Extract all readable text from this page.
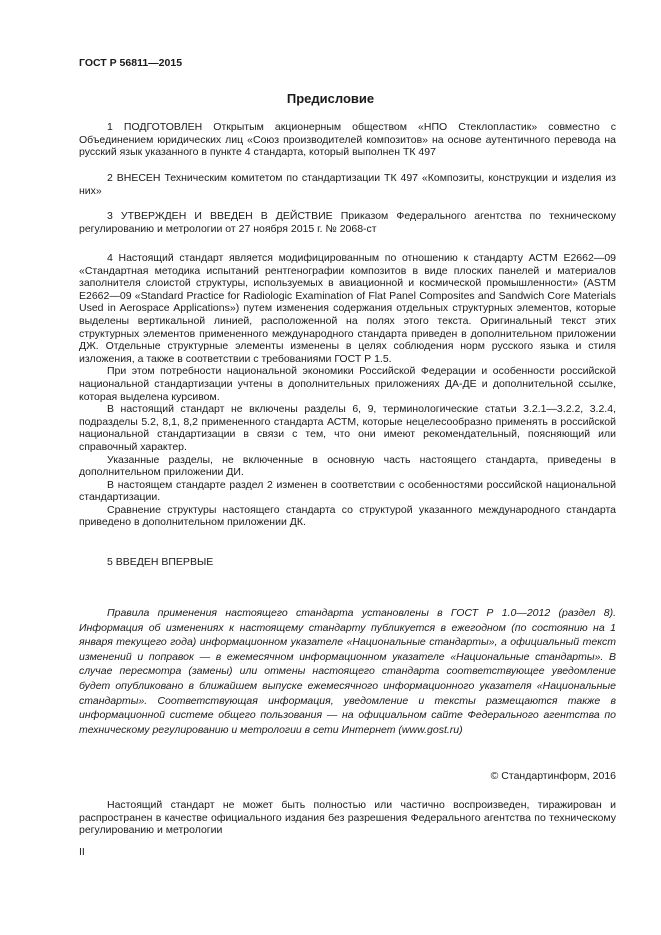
ГОСТ Р 56811—2015
Предисловие

1 ПОДГОТОВЛЕН Открытым акционерным обществом «НПО Стеклопластик» совместно с Объединением юридических лиц «Союз производителей композитов» на основе аутентичного перевода на русский язык указанного в пункте 4 стандарта, который выполнен ТК 497

2 ВНЕСЕН Техническим комитетом по стандартизации ТК 497 «Композиты, конструкции и изделия из них»

3 УТВЕРЖДЕН И ВВЕДЕН В ДЕЙСТВИЕ Приказом Федерального агентства по техническому регулированию и метрологии от 27 ноября 2015 г. № 2068-ст

4 Настоящий стандарт является модифицированным по отношению к стандарту АСТМ Е2662—09 «Стандартная методика испытаний рентгенографии композитов в виде плоских панелей и материалов заполнителя слоистой структуры, используемых в авиационной и космической промышленности» (ASTM E2662—09 «Standard Practice for Radiologic Examination of Flat Panel Composites and Sandwich Core Materials Used in Aerospace Applications») путем изменения содержания отдельных структурных элементов, которые выделены вертикальной линией, расположенной на полях этого текста. Оригинальный текст этих структурных элементов примененного международного стандарта приведен в дополнительном приложении ДЖ. Отдельные структурные элементы изменены в целях соблюдения норм русского языка и стиля изложения, а также в соответствии с требованиями ГОСТ Р 1.5.

При этом потребности национальной экономики Российской Федерации и особенности российской национальной стандартизации учтены в дополнительных приложениях ДА-ДЕ и дополнительной ссылке, которая выделена курсивом.

В настоящий стандарт не включены разделы 6, 9, терминологические статьи 3.2.1—3.2.2, 3.2.4, подразделы 5.2, 8,1, 8,2 примененного стандарта АСТМ, которые нецелесообразно применять в российской национальной стандартизации в связи с тем, что они имеют рекомендательный, поясняющий или справочный характер.

Указанные разделы, не включенные в основную часть настоящего стандарта, приведены в дополнительном приложении ДИ.

В настоящем стандарте раздел 2 изменен в соответствии с особенностями российской национальной стандартизации.

Сравнение структуры настоящего стандарта со структурой указанного международного стандарта приведено в дополнительном приложении ДК.

5 ВВЕДЕН ВПЕРВЫЕ

Правила применения настоящего стандарта установлены в ГОСТ Р 1.0—2012 (раздел 8). Информация об изменениях к настоящему стандарту публикуется в ежегодном (по состоянию на 1 января текущего года) информационном указателе «Национальные стандарты», а официальный текст изменений и поправок — в ежемесячном информационном указателе «Национальные стандарты». В случае пересмотра (замены) или отмены настоящего стандарта соответствующее уведомление будет опубликовано в ближайшем выпуске ежемесячного информационного указателя «Национальные стандарты». Соответствующая информация, уведомление и тексты размещаются также в информационной системе общего пользования — на официальном сайте Федерального агентства по техническому регулированию и метрологии в сети Интернет (www.gost.ru)
© Стандартинформ, 2016
Настоящий стандарт не может быть полностью или частично воспроизведен, тиражирован и распространен в качестве официального издания без разрешения Федерального агентства по техническому регулированию и метрологии
II
